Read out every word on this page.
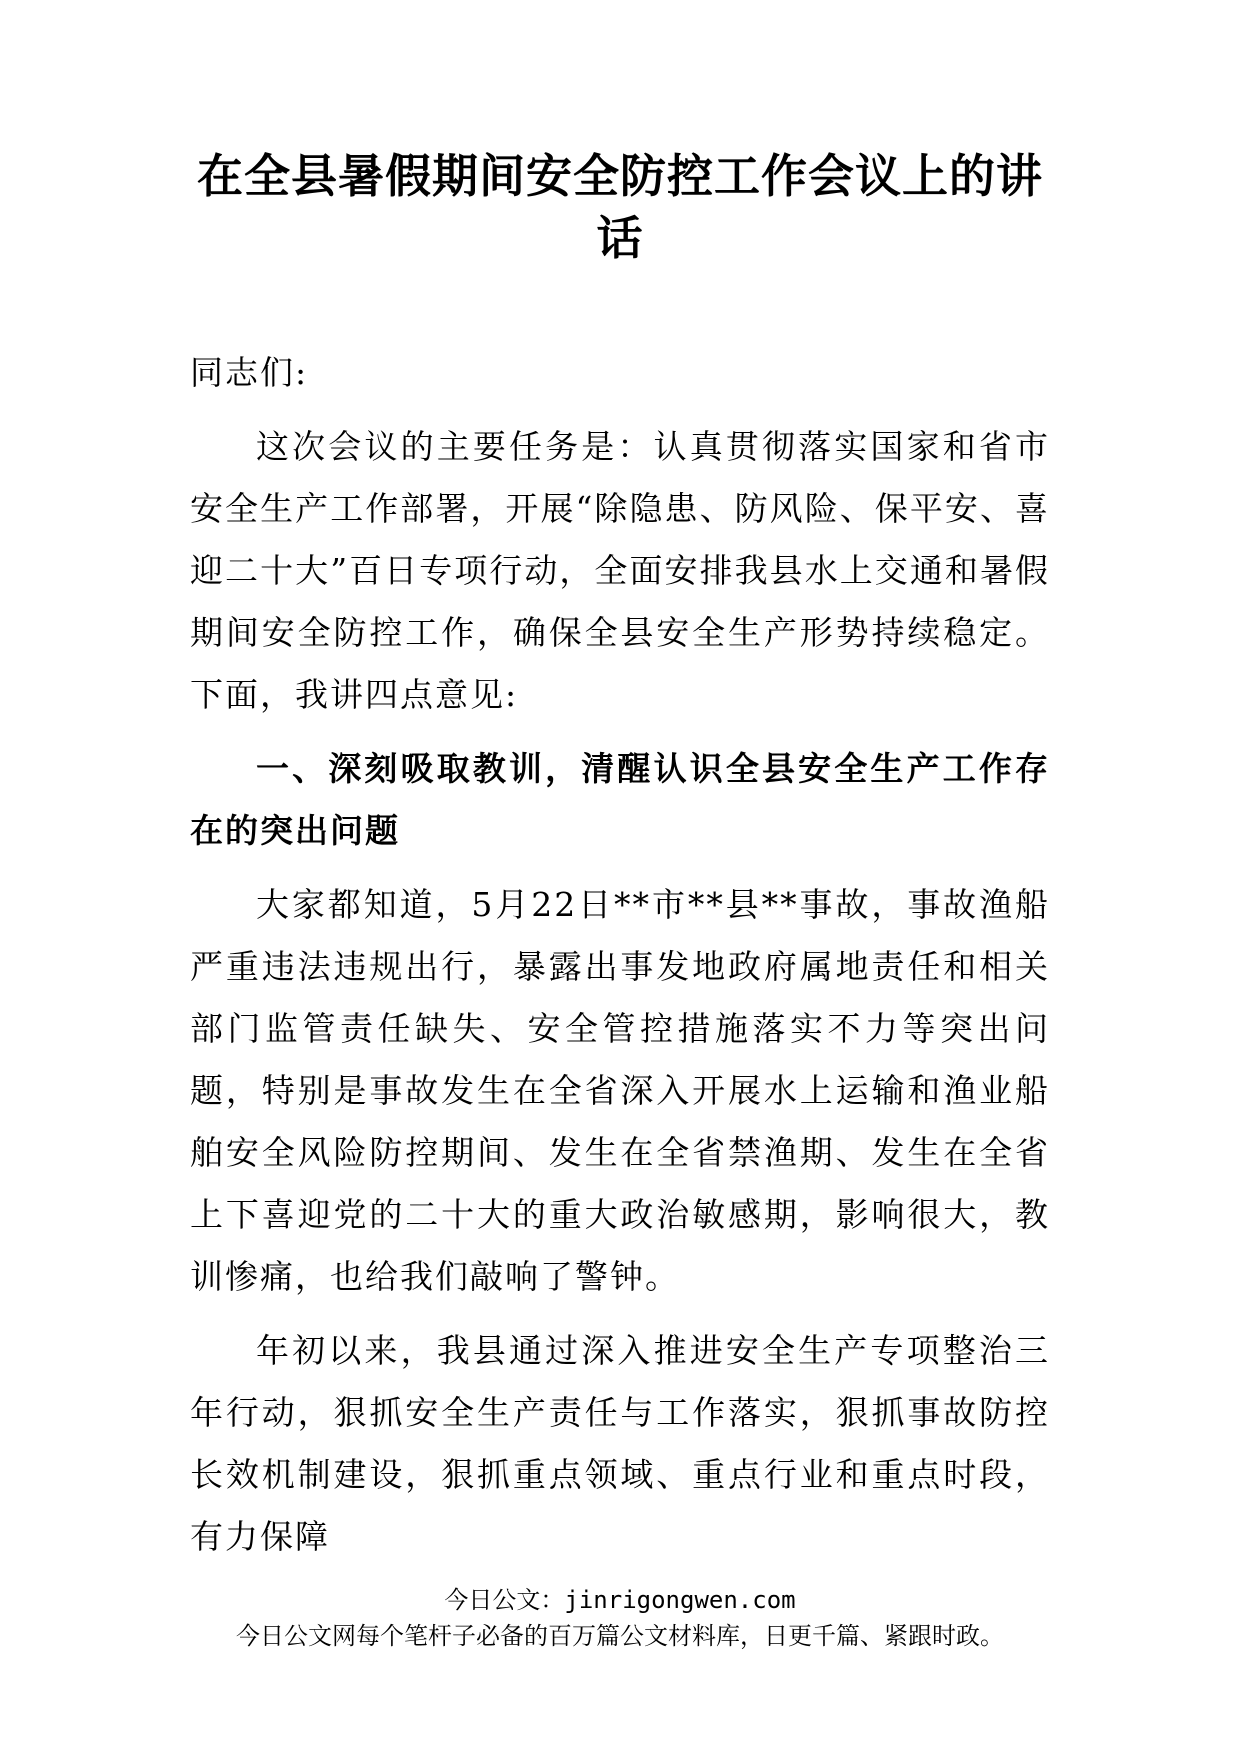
在全县暑假期间安全防控工作会议上的讲话

同志们:

这次会议的主要任务是：认真贯彻落实国家和省市安全生产工作部署，开展“除隐患、防风险、保平安、喜迎二十大”百日专项行动，全面安排我县水上交通和暑假期间安全防控工作，确保全县安全生产形势持续稳定。下面，我讲四点意见:

一、深刻吸取教训，清醒认识全县安全生产工作存在的突出问题

大家都知道，5月22日**市**县**事故，事故渔船严重违法违规出行，暴露出事发地政府属地责任和相关部门监管责任缺失、安全管控措施落实不力等突出问题，特别是事故发生在全省深入开展水上运输和渔业船舶安全风险防控期间、发生在全省禁渔期、发生在全省上下喜迎党的二十大的重大政治敏感期，影响很大，教训惨痛，也给我们敲响了警钟。

年初以来，我县通过深入推进安全生产专项整治三年行动，狠抓安全生产责任与工作落实，狠抓事故防控长效机制建设，狠抓重点领域、重点行业和重点时段，有力保障

今日公文：jinrigongwen.com
今日公文网每个笔杆子必备的百万篇公文材料库，日更千篇、紧跟时政。
